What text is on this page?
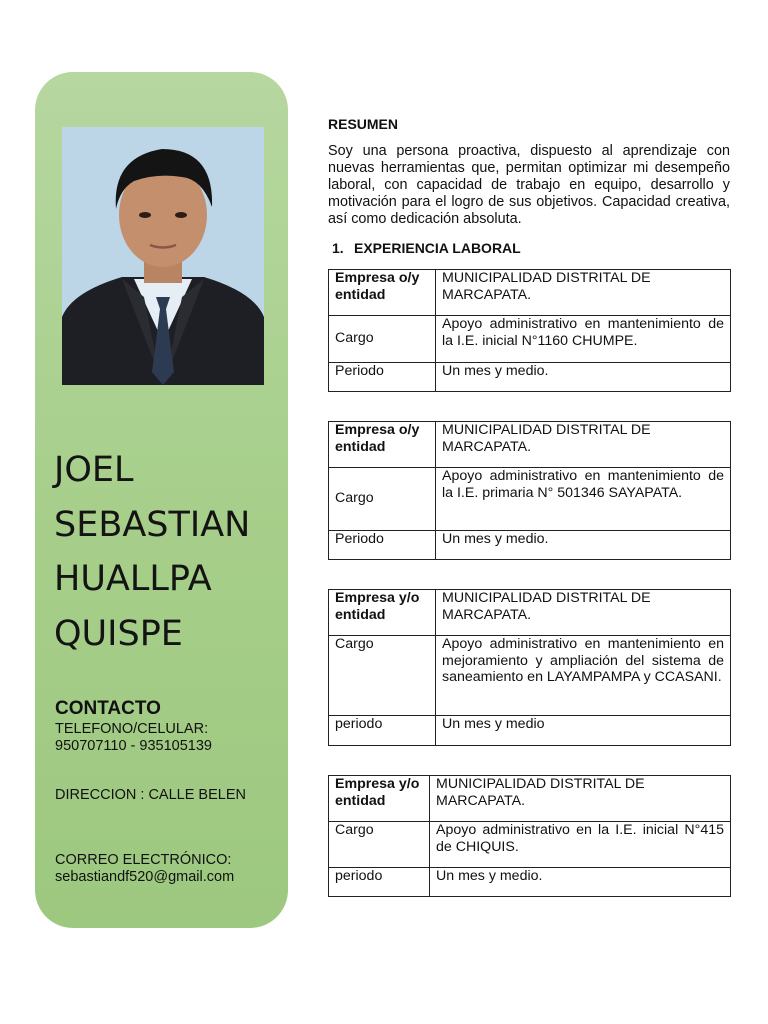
JOEL
SEBASTIAN
HUALLPA
QUISPE
CONTACTO
TELEFONO/CELULAR:
950707110 - 935105139
DIRECCION : CALLE BELEN
CORREO ELECTRÓNICO:
sebastiandf520@gmail.com
RESUMEN
Soy una persona proactiva, dispuesto al aprendizaje con nuevas herramientas que, permitan optimizar mi desempeño laboral, con capacidad de trabajo en equipo, desarrollo y motivación para el logro de sus objetivos. Capacidad creativa, así como dedicación absoluta.
1. EXPERIENCIA LABORAL
Empresa o/y entidad	MUNICIPALIDAD DISTRITAL DE MARCAPATA.
Cargo	Apoyo administrativo en mantenimiento de la I.E. inicial N°1160 CHUMPE.
Periodo	Un mes y medio.
Empresa o/y entidad	MUNICIPALIDAD DISTRITAL DE MARCAPATA.
Cargo	Apoyo administrativo en mantenimiento de la I.E. primaria N° 501346 SAYAPATA.
Periodo	Un mes y medio.
Empresa y/o entidad	MUNICIPALIDAD DISTRITAL DE MARCAPATA.
Cargo	Apoyo administrativo en mantenimiento en mejoramiento y ampliación del sistema de saneamiento en LAYAMPAMPA y CCASANI.
periodo	Un mes y medio
Empresa y/o entidad	MUNICIPALIDAD DISTRITAL DE MARCAPATA.
Cargo	Apoyo administrativo en la I.E. inicial N°415 de CHIQUIS.
periodo	Un mes y medio.
